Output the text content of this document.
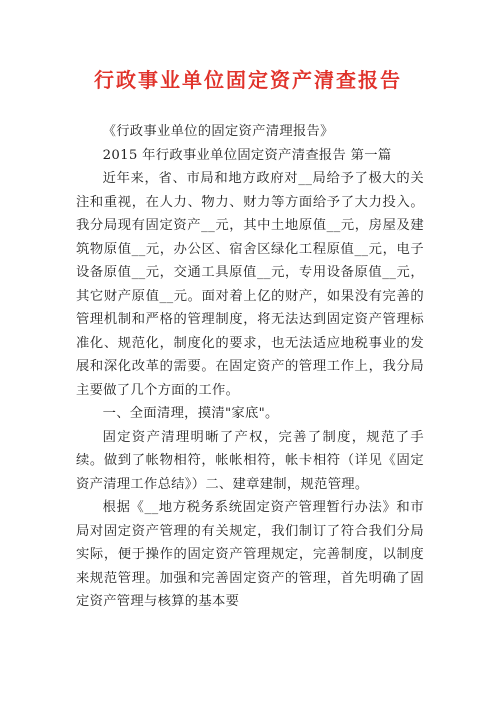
行政事业单位固定资产清查报告

《行政事业单位的固定资产清理报告》

2015 年行政事业单位固定资产清查报告 第一篇

近年来，省、市局和地方政府对__局给予了极大的关注和重视，在人力、物力、财力等方面给予了大力投入。我分局现有固定资产__元，其中土地原值__元，房屋及建筑物原值__元，办公区、宿舍区绿化工程原值__元，电子设备原值__元，交通工具原值__元，专用设备原值__元，其它财产原值__元。面对着上亿的财产，如果没有完善的管理机制和严格的管理制度，将无法达到固定资产管理标准化、规范化，制度化的要求，也无法适应地税事业的发展和深化改革的需要。在固定资产的管理工作上，我分局主要做了几个方面的工作。

一、全面清理，摸清"家底"。

固定资产清理明晰了产权，完善了制度，规范了手续。做到了帐物相符，帐帐相符，帐卡相符（详见《固定资产清理工作总结》）二、建章建制，规范管理。

根据《__地方税务系统固定资产管理暂行办法》和市局对固定资产管理的有关规定，我们制订了符合我们分局实际，便于操作的固定资产管理规定，完善制度，以制度来规范管理。加强和完善固定资产的管理，首先明确了固定资产管理与核算的基本要
